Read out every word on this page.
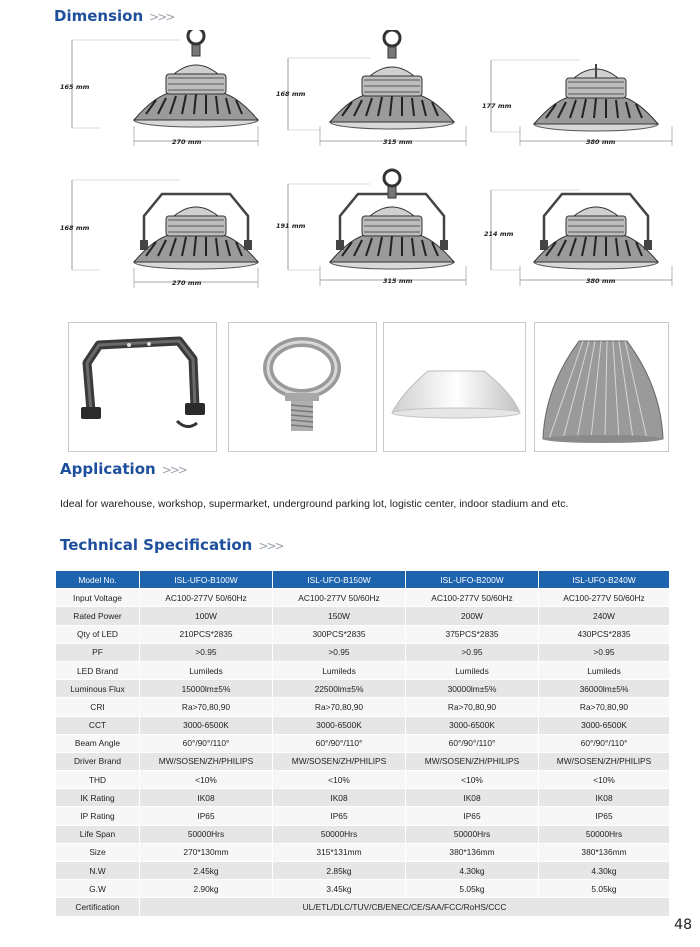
Dimension >>>
165 mm
270 mm
168 mm
315 mm
177 mm
380 mm
168 mm
270 mm
191 mm
315 mm
214 mm
380 mm
Application >>>
Ideal for warehouse, workshop, supermarket, underground parking lot, logistic center, indoor stadium and etc.
Technical Specification >>>
Model No.	ISL-UFO-B100W	ISL-UFO-B150W	ISL-UFO-B200W	ISL-UFO-B240W
Input Voltage	AC100-277V 50/60Hz	AC100-277V 50/60Hz	AC100-277V 50/60Hz	AC100-277V 50/60Hz
Rated Power	100W	150W	200W	240W
Qty of LED	210PCS*2835	300PCS*2835	375PCS*2835	430PCS*2835
PF	>0.95	>0.95	>0.95	>0.95
LED Brand	Lumileds	Lumileds	Lumileds	Lumileds
Luminous Flux	15000lm±5%	22500lm±5%	30000lm±5%	36000lm±5%
CRI	Ra>70,80,90	Ra>70,80,90	Ra>70,80,90	Ra>70,80,90
CCT	3000-6500K	3000-6500K	3000-6500K	3000-6500K
Beam Angle	60°/90°/110°	60°/90°/110°	60°/90°/110°	60°/90°/110°
Driver Brand	MW/SOSEN/ZH/PHILIPS	MW/SOSEN/ZH/PHILIPS	MW/SOSEN/ZH/PHILIPS	MW/SOSEN/ZH/PHILIPS
THD	<10%	<10%	<10%	<10%
IK Rating	IK08	IK08	IK08	IK08
IP Rating	IP65	IP65	IP65	IP65
Life Span	50000Hrs	50000Hrs	50000Hrs	50000Hrs
Size	270*130mm	315*131mm	380*136mm	380*136mm
N.W	2.45kg	2.85kg	4.30kg	4.30kg
G.W	2.90kg	3.45kg	5.05kg	5.05kg
Certification	UL/ETL/DLC/TUV/CB/ENEC/CE/SAA/FCC/RoHS/CCC			
48
